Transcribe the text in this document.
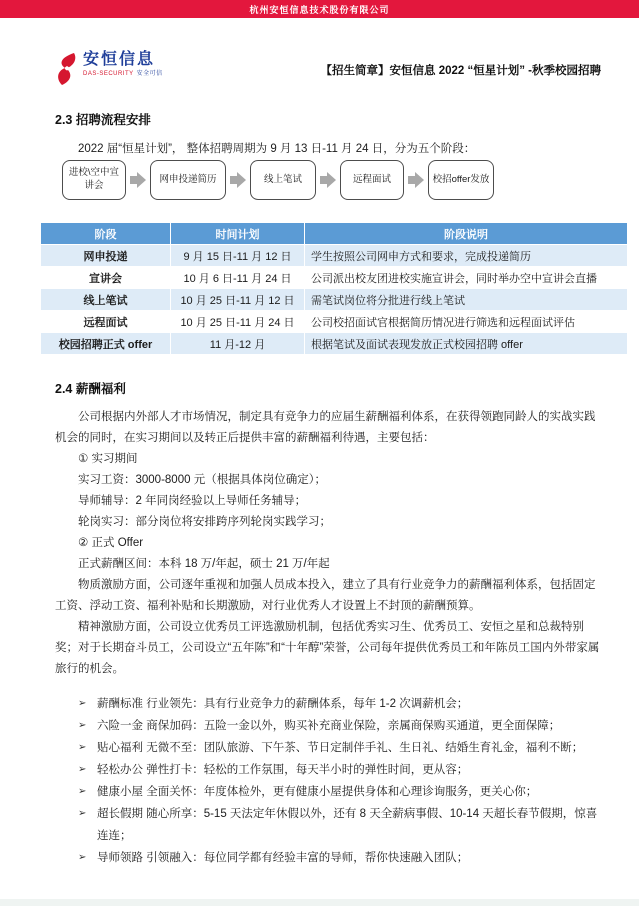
杭州安恒信息技术股份有限公司
安恒信息
DAS-SECURITY 安全可信	【招生简章】安恒信息 2022 “恒星计划” -秋季校园招聘
2.3 招聘流程安排

2022 届“恒星计划”， 整体招聘周期为 9 月 13 日-11 月 24 日，分为五个阶段：

进校\空中宣讲会
网申投递简历	线上笔试	远程面试	校招offer发放
阶段	时间计划	阶段说明
网申投递	9 月 15 日-11 月 12 日	学生按照公司网申方式和要求，完成投递简历
宣讲会	10 月 6 日-11 月 24 日	公司派出校友团进校实施宣讲会，同时举办空中宣讲会直播
线上笔试	10 月 25 日-11 月 12 日	需笔试岗位将分批进行线上笔试
远程面试	10 月 25 日-11 月 24 日	公司校招面试官根据简历情况进行筛选和远程面试评估
校园招聘正式 offer	11 月-12 月	根据笔试及面试表现发放正式校园招聘 offer
2.4 薪酬福利

公司根据内外部人才市场情况，制定具有竞争力的应届生薪酬福利体系，在获得领跑同龄人的实战实践机会的同时，在实习期间以及转正后提供丰富的薪酬福利待遇，主要包括：

① 实习期间

实习工资：3000-8000 元（根据具体岗位确定）；

导师辅导：2 年同岗经验以上导师任务辅导；

轮岗实习：部分岗位将安排跨序列轮岗实践学习；

② 正式 Offer

正式薪酬区间：本科 18 万/年起，硕士 21 万/年起

物质激励方面，公司逐年重视和加强人员成本投入，建立了具有行业竞争力的薪酬福利体系，包括固定工资、浮动工资、福利补贴和长期激励，对行业优秀人才设置上不封顶的薪酬预算。

精神激励方面，公司设立优秀员工评选激励机制，包括优秀实习生、优秀员工、安恒之星和总裁特别奖；对于长期奋斗员工，公司设立“五年陈”和“十年醇”荣誉，公司每年提供优秀员工和年陈员工国内外带家属旅行的机会。

➢ 薪酬标准 行业领先：具有行业竞争力的薪酬体系，每年 1-2 次调薪机会；
➢ 六险一金 商保加码：五险一金以外，购买补充商业保险，亲属商保购买通道，更全面保障；
➢ 贴心福利 无微不至：团队旅游、下午茶、节日定制伴手礼、生日礼、结婚生育礼金，福利不断；
➢ 轻松办公 弹性打卡：轻松的工作氛围，每天半小时的弹性时间，更从容；
➢ 健康小屋 全面关怀：年度体检外，更有健康小屋提供身体和心理诊询服务，更关心你；
➢ 超长假期 随心所享：5-15 天法定年休假以外，还有 8 天全薪病事假、10-14 天超长春节假期，惊喜连连；
➢ 导师领路 引领融入：每位同学都有经验丰富的导师，帮你快速融入团队；
